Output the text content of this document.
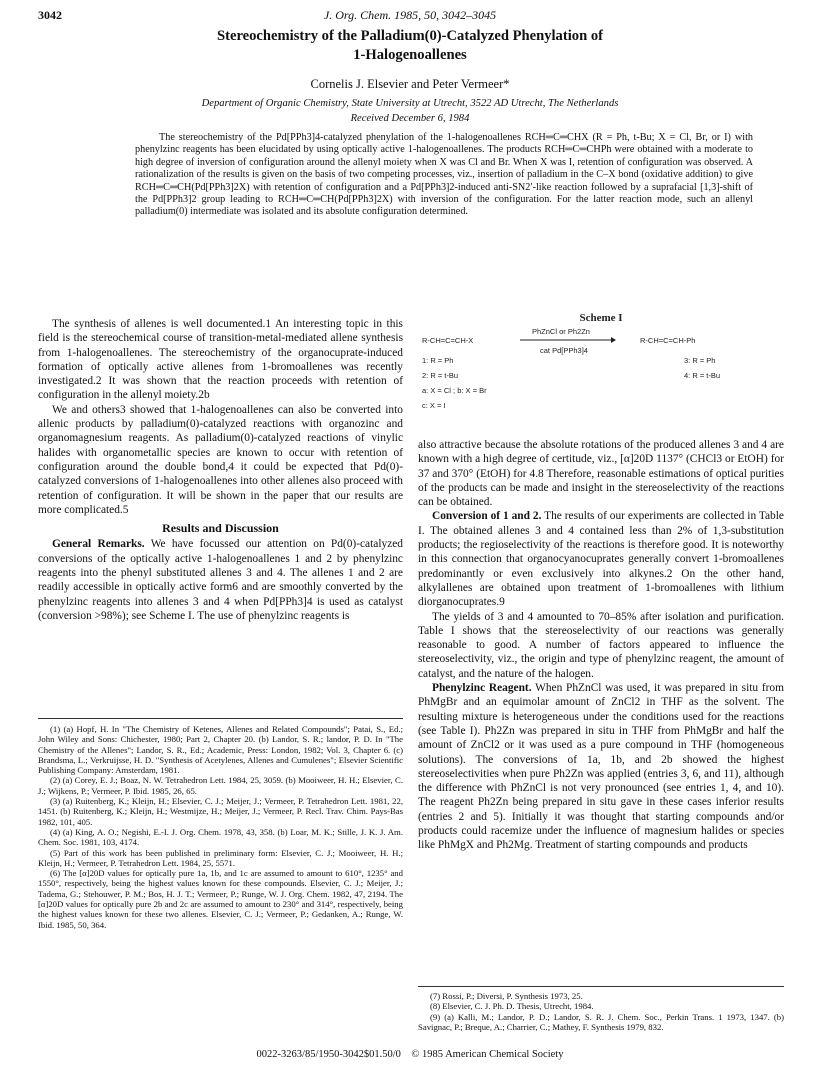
3042	J. Org. Chem. 1985, 50, 3042–3045
Stereochemistry of the Palladium(0)-Catalyzed Phenylation of
1-Halogenoallenes
Cornelis J. Elsevier and Peter Vermeer*
Department of Organic Chemistry, State University at Utrecht, 3522 AD Utrecht, The Netherlands
Received December 6, 1984

The stereochemistry of the Pd[PPh3]4-catalyzed phenylation of the 1-halogenoallenes RCH═C═CHX (R = Ph, t-Bu; X = Cl, Br, or I) with phenylzinc reagents has been elucidated by using optically active 1-halogenoallenes. The products RCH═C═CHPh were obtained with a moderate to high degree of inversion of configuration around the allenyl moiety when X was Cl and Br. When X was I, retention of configuration was observed. A rationalization of the results is given on the basis of two competing processes, viz., insertion of palladium in the C–X bond (oxidative addition) to give RCH═C═CH(Pd[PPh3]2X) with retention of configuration and a Pd[PPh3]2-induced anti-SN2′-like reaction followed by a suprafacial [1,3]-shift of the Pd[PPh3]2 group leading to RCH═C═CH(Pd[PPh3]2X) with inversion of the configuration. For the latter reaction mode, such an allenyl palladium(0) intermediate was isolated and its absolute configuration determined.

The synthesis of allenes is well documented.1 An interesting topic in this field is the stereochemical course of transition-metal-mediated allene synthesis from 1-halogenoallenes. The stereochemistry of the organocuprate-induced formation of optically active allenes from 1-bromoallenes was recently investigated.2 It was shown that the reaction proceeds with retention of configuration in the allenyl moiety.2b

We and others3 showed that 1-halogenoallenes can also be converted into allenic products by palladium(0)-catalyzed reactions with organozinc and organomagnesium reagents. As palladium(0)-catalyzed reactions of vinylic halides with organometallic species are known to occur with retention of configuration around the double bond,4 it could be expected that Pd(0)-catalyzed conversions of 1-halogenoallenes into other allenes also proceed with retention of configuration. It will be shown in the paper that our results are more complicated.5

Results and Discussion

General Remarks. We have focussed our attention on Pd(0)-catalyzed conversions of the optically active 1-halogenoallenes 1 and 2 by phenylzinc reagents into the phenyl substituted allenes 3 and 4. The allenes 1 and 2 are readily accessible in optically active form6 and are smoothly converted by the phenylzinc reagents into allenes 3 and 4 when Pd[PPh3]4 is used as catalyst (conversion >98%); see Scheme I. The use of phenylzinc reagents is

(1) (a) Hopf, H. In "The Chemistry of Ketenes, Allenes and Related Compounds"; Patai, S., Ed.; John Wiley and Sons: Chichester, 1980; Part 2, Chapter 20. (b) Landor, S. R.; landor, P. D. In "The Chemistry of the Allenes"; Landor, S. R., Ed.; Academic, Press: London, 1982; Vol. 3, Chapter 6. (c) Brandsma, L.; Verkruijsse, H. D. "Synthesis of Acetylenes, Allenes and Cumulenes"; Elsevier Scientific Publishing Company: Amsterdam, 1981.

(2) (a) Corey, E. J.; Boaz, N. W. Tetrahedron Lett. 1984, 25, 3059. (b) Mooiweer, H. H.; Elsevier, C. J.; Wijkens, P.; Vermeer, P. Ibid. 1985, 26, 65.

(3) (a) Ruitenberg, K.; Kleijn, H.; Elsevier, C. J.; Meijer, J.; Vermeer, P. Tetrahedron Lett. 1981, 22, 1451. (b) Ruitenberg, K.; Kleijn, H.; Westmijze, H.; Meijer, J.; Vermeer, P. Recl. Trav. Chim. Pays-Bas 1982, 101, 405.

(4) (a) King, A. O.; Negishi, E.-I. J. Org. Chem. 1978, 43, 358. (b) Loar, M. K.; Stille, J. K. J. Am. Chem. Soc. 1981, 103, 4174.

(5) Part of this work has been published in preliminary form: Elsevier, C. J.; Mooiweer, H. H.; Kleijn, H.; Vermeer, P. Tetrahedron Lett. 1984, 25, 5571.

(6) The [α]20D values for optically pure 1a, 1b, and 1c are assumed to amount to 610°, 1235° and 1550°, respectively, being the highest values known for these compounds. Elsevier, C. J.; Meijer, J.; Tadema, G.; Stehouwer, P. M.; Bos, H. J. T.; Vermeer, P.; Runge, W. J. Org. Chem. 1982, 47, 2194. The [α]20D values for optically pure 2b and 2c are assumed to amount to 230° and 314°, respectively, being the highest values known for these two allenes. Elsevier, C. J.; Vermeer, P.; Gedanken, A.; Runge, W. Ibid. 1985, 50, 364.

Scheme I
R-CH=C=CH-X
PhZnCl or Ph2Zn
cat Pd[PPh3]4
R-CH=C=CH-Ph
1: R = Ph	3: R = Ph
2: R = t-Bu	4: R = t-Bu
a: X = Cl ; b: X = Br
c: X = I

also attractive because the absolute rotations of the produced allenes 3 and 4 are known with a high degree of certitude, viz., [α]20D 1137° (CHCl3 or EtOH) for 37 and 370° (EtOH) for 4.8 Therefore, reasonable estimations of optical purities of the products can be made and insight in the stereoselectivity of the reactions can be obtained.

Conversion of 1 and 2. The results of our experiments are collected in Table I. The obtained allenes 3 and 4 contained less than 2% of 1,3-substitution products; the regioselectivity of the reactions is therefore good. It is noteworthy in this connection that organocyanocuprates generally convert 1-bromoallenes predominantly or even exclusively into alkynes.2 On the other hand, alkylallenes are obtained upon treatment of 1-bromoallenes with lithium diorganocuprates.9

The yields of 3 and 4 amounted to 70–85% after isolation and purification. Table I shows that the stereoselectivity of our reactions was generally reasonable to good. A number of factors appeared to influence the stereoselectivity, viz., the origin and type of phenylzinc reagent, the amount of catalyst, and the nature of the halogen.

Phenylzinc Reagent. When PhZnCl was used, it was prepared in situ from PhMgBr and an equimolar amount of ZnCl2 in THF as the solvent. The resulting mixture is heterogeneous under the conditions used for the reactions (see Table I). Ph2Zn was prepared in situ in THF from PhMgBr and half the amount of ZnCl2 or it was used as a pure compound in THF (homogeneous solutions). The conversions of 1a, 1b, and 2b showed the highest stereoselectivities when pure Ph2Zn was applied (entries 3, 6, and 11), although the difference with PhZnCl is not very pronounced (see entries 1, 4, and 10). The reagent Ph2Zn being prepared in situ gave in these cases inferior results (entries 2 and 5). Initially it was thought that starting compounds and/or products could racemize under the influence of magnesium halides or species like PhMgX and Ph2Mg. Treatment of starting compounds and products

(7) Rossi, P.; Diversi, P. Synthesis 1973, 25.

(8) Elsevier, C. J. Ph. D. Thesis, Utrecht, 1984.

(9) (a) Kalli, M.; Landor, P. D.; Landor, S. R. J. Chem. Soc., Perkin Trans. 1 1973, 1347. (b) Savignac, P.; Breque, A.; Charrier, C.; Mathey, F. Synthesis 1979, 832.

0022-3263/85/1950-3042$01.50/0 © 1985 American Chemical Society
